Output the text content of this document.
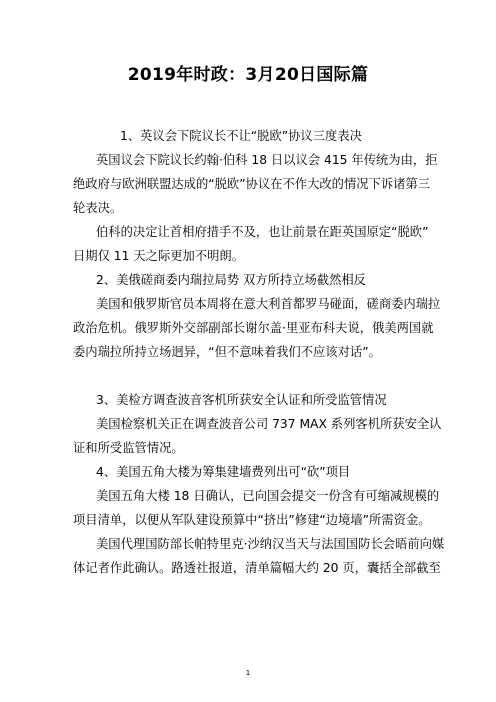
2019年时政：3月20日国际篇
1、英议会下院议长不让“脱欧”协议三度表决
英国议会下院议长约翰·伯科 18 日以议会 415 年传统为由，拒
绝政府与欧洲联盟达成的“脱欧”协议在不作大改的情况下诉诸第三
轮表决。
伯科的决定让首相府措手不及，也让前景在距英国原定“脱欧”
日期仅 11 天之际更加不明朗。
2、美俄磋商委内瑞拉局势 双方所持立场截然相反
美国和俄罗斯官员本周将在意大利首都罗马碰面，磋商委内瑞拉
政治危机。俄罗斯外交部副部长谢尔盖·里亚布科夫说，俄美两国就
委内瑞拉所持立场迥异，“但不意味着我们不应该对话”。
3、美检方调查波音客机所获安全认证和所受监管情况
美国检察机关正在调查波音公司 737 MAX 系列客机所获安全认
证和所受监管情况。
4、美国五角大楼为筹集建墙费列出可“砍”项目
美国五角大楼 18 日确认，已向国会提交一份含有可缩减规模的
项目清单，以便从军队建设预算中“挤出”修建“边境墙”所需资金。
美国代理国防部长帕特里克·沙纳汉当天与法国国防长会晤前向媒
体记者作此确认。路透社报道，清单篇幅大约 20 页，囊括全部截至
1
